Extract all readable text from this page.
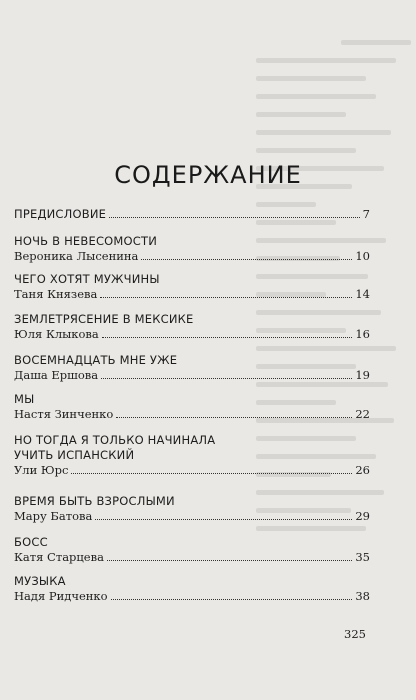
СОДЕРЖАНИЕ
ПРЕДИСЛОВИЕ	7
НОЧЬ В НЕВЕСОМОСТИ
Вероника Лысенина	10
ЧЕГО ХОТЯТ МУЖЧИНЫ
Таня Князева	14
ЗЕМЛЕТРЯСЕНИЕ В МЕКСИКЕ
Юля Клыкова	16
ВОСЕМНАДЦАТЬ МНЕ УЖЕ
Даша Ершова	19
МЫ
Настя Зинченко	22
НО ТОГДА Я ТОЛЬКО НАЧИНАЛА
УЧИТЬ ИСПАНСКИЙ
Ули Юрс	26
ВРЕМЯ БЫТЬ ВЗРОСЛЫМИ
Мару Батова	29
БОСС
Катя Старцева	35
МУЗЫКА
Надя Ридченко	38
325
